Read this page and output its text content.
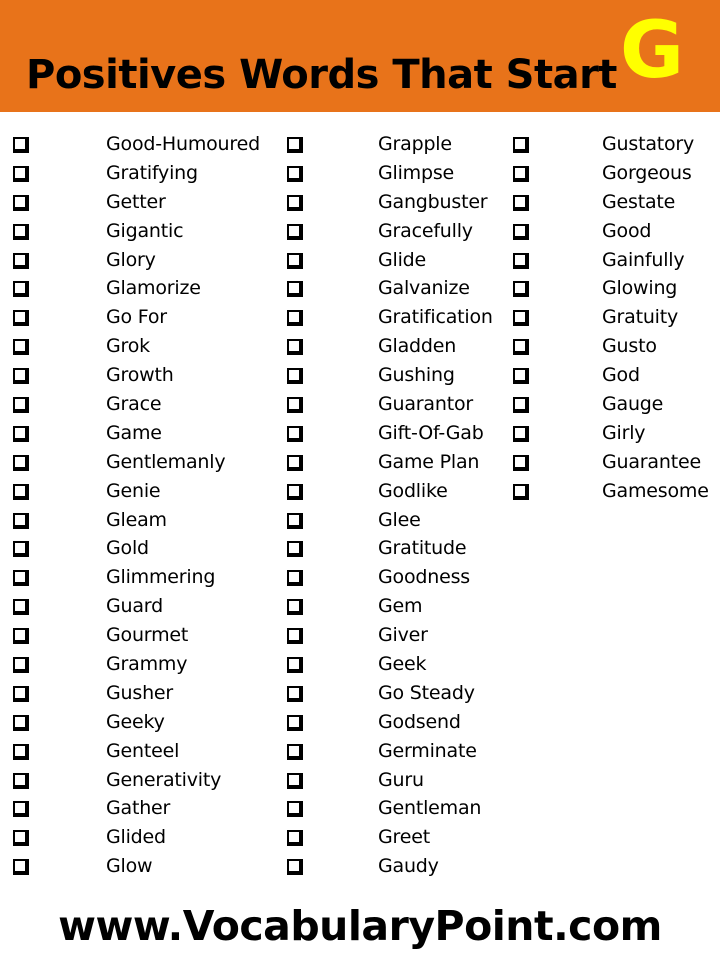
Positives Words That Start G
Good-Humoured
Gratifying
Getter
Gigantic
Glory
Glamorize
Go For
Grok
Growth
Grace
Game
Gentlemanly
Genie
Gleam
Gold
Glimmering
Guard
Gourmet
Grammy
Gusher
Geeky
Genteel
Generativity
Gather
Glided
Glow
Grapple
Glimpse
Gangbuster
Gracefully
Glide
Galvanize
Gratification
Gladden
Gushing
Guarantor
Gift-Of-Gab
Game Plan
Godlike
Glee
Gratitude
Goodness
Gem
Giver
Geek
Go Steady
Godsend
Germinate
Guru
Gentleman
Greet
Gaudy
Gustatory
Gorgeous
Gestate
Good
Gainfully
Glowing
Gratuity
Gusto
God
Gauge
Girly
Guarantee
Gamesome
www.VocabularyPoint.com
